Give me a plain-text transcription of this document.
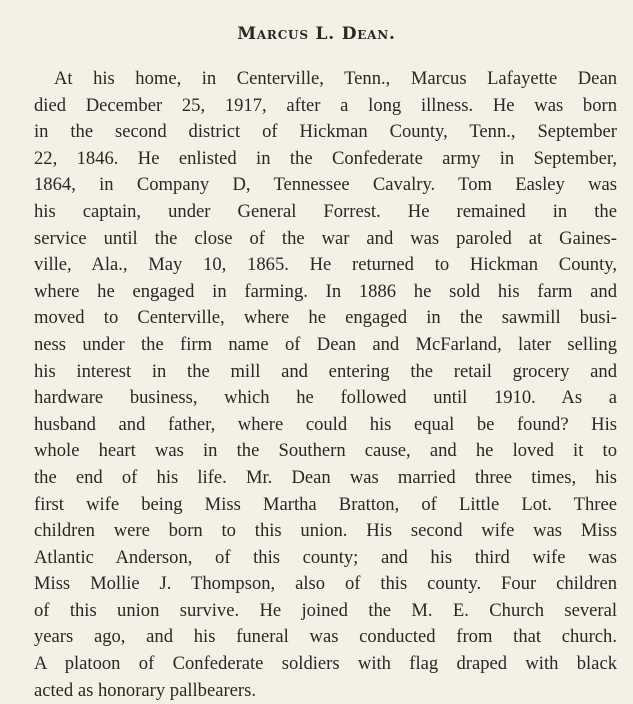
Marcus L. Dean.
At his home, in Centerville, Tenn., Marcus Lafayette Dean
died December 25, 1917, after a long illness. He was born
in the second district of Hickman County, Tenn., September
22, 1846. He enlisted in the Confederate army in September,
1864, in Company D, Tennessee Cavalry. Tom Easley was
his captain, under General Forrest. He remained in the
service until the close of the war and was paroled at Gaines-
ville, Ala., May 10, 1865. He returned to Hickman County,
where he engaged in farming. In 1886 he sold his farm and
moved to Centerville, where he engaged in the sawmill busi-
ness under the firm name of Dean and McFarland, later selling
his interest in the mill and entering the retail grocery and
hardware business, which he followed until 1910. As a
husband and father, where could his equal be found? His
whole heart was in the Southern cause, and he loved it to
the end of his life. Mr. Dean was married three times, his
first wife being Miss Martha Bratton, of Little Lot. Three
children were born to this union. His second wife was Miss
Atlantic Anderson, of this county; and his third wife was
Miss Mollie J. Thompson, also of this county. Four children
of this union survive. He joined the M. E. Church several
years ago, and his funeral was conducted from that church.
A platoon of Confederate soldiers with flag draped with black
acted as honorary pallbearers.
